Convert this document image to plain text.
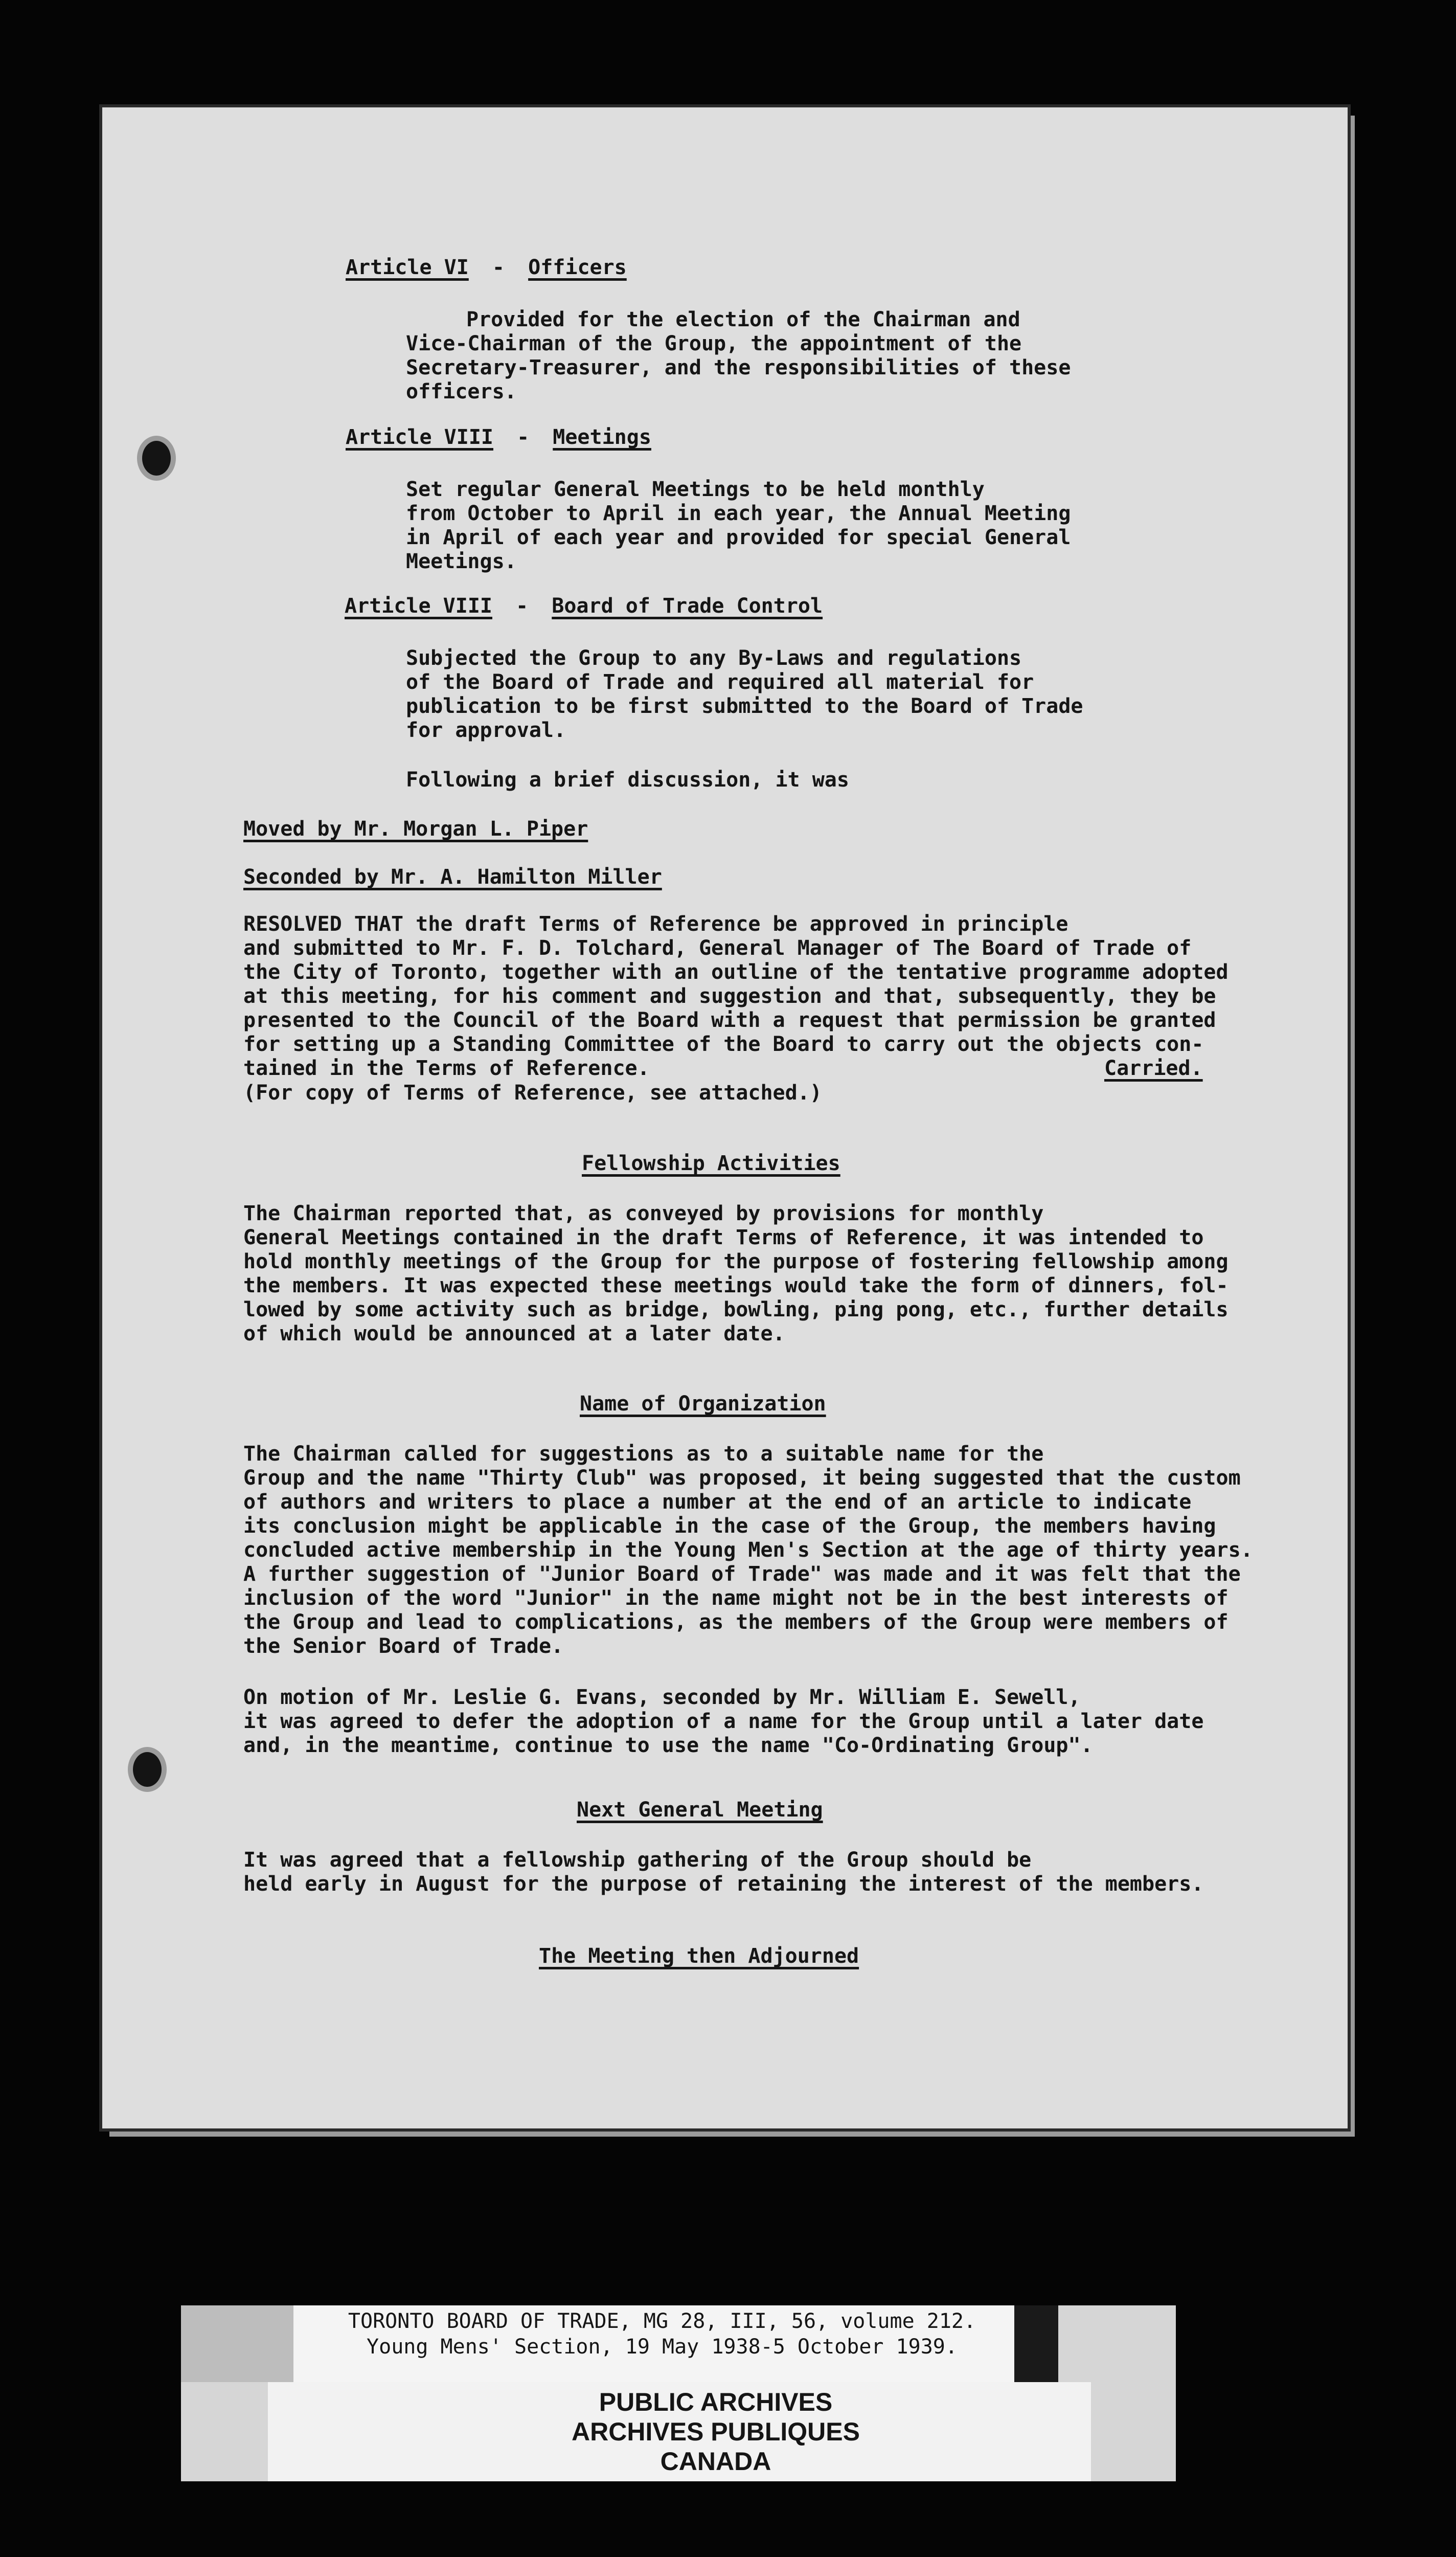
Article VI - Officers
Provided for the election of the Chairman and
Vice-Chairman of the Group, the appointment of the
Secretary-Treasurer, and the responsibilities of these
officers.
Article VIII - Meetings
Set regular General Meetings to be held monthly
from October to April in each year, the Annual Meeting
in April of each year and provided for special General
Meetings.
Article VIII - Board of Trade Control
Subjected the Group to any By-Laws and regulations
of the Board of Trade and required all material for
publication to be first submitted to the Board of Trade
for approval.
Following a brief discussion, it was
Moved by Mr. Morgan L. Piper
Seconded by Mr. A. Hamilton Miller
RESOLVED THAT the draft Terms of Reference be approved in principle
and submitted to Mr. F. D. Tolchard, General Manager of The Board of Trade of
the City of Toronto, together with an outline of the tentative programme adopted
at this meeting, for his comment and suggestion and that, subsequently, they be
presented to the Council of the Board with a request that permission be granted
for setting up a Standing Committee of the Board to carry out the objects con-
tained in the Terms of Reference.	Carried.
(For copy of Terms of Reference, see attached.)
Fellowship Activities
The Chairman reported that, as conveyed by provisions for monthly
General Meetings contained in the draft Terms of Reference, it was intended to
hold monthly meetings of the Group for the purpose of fostering fellowship among
the members. It was expected these meetings would take the form of dinners, fol-
lowed by some activity such as bridge, bowling, ping pong, etc., further details
of which would be announced at a later date.
Name of Organization
The Chairman called for suggestions as to a suitable name for the
Group and the name "Thirty Club" was proposed, it being suggested that the custom
of authors and writers to place a number at the end of an article to indicate
its conclusion might be applicable in the case of the Group, the members having
concluded active membership in the Young Men's Section at the age of thirty years.
A further suggestion of "Junior Board of Trade" was made and it was felt that the
inclusion of the word "Junior" in the name might not be in the best interests of
the Group and lead to complications, as the members of the Group were members of
the Senior Board of Trade.
On motion of Mr. Leslie G. Evans, seconded by Mr. William E. Sewell,
it was agreed to defer the adoption of a name for the Group until a later date
and, in the meantime, continue to use the name "Co-Ordinating Group".
Next General Meeting
It was agreed that a fellowship gathering of the Group should be
held early in August for the purpose of retaining the interest of the members.
The Meeting then Adjourned
TORONTO BOARD OF TRADE, MG 28, III, 56, volume 212.
Young Mens' Section, 19 May 1938-5 October 1939.
PUBLIC ARCHIVES
ARCHIVES PUBLIQUES
CANADA
